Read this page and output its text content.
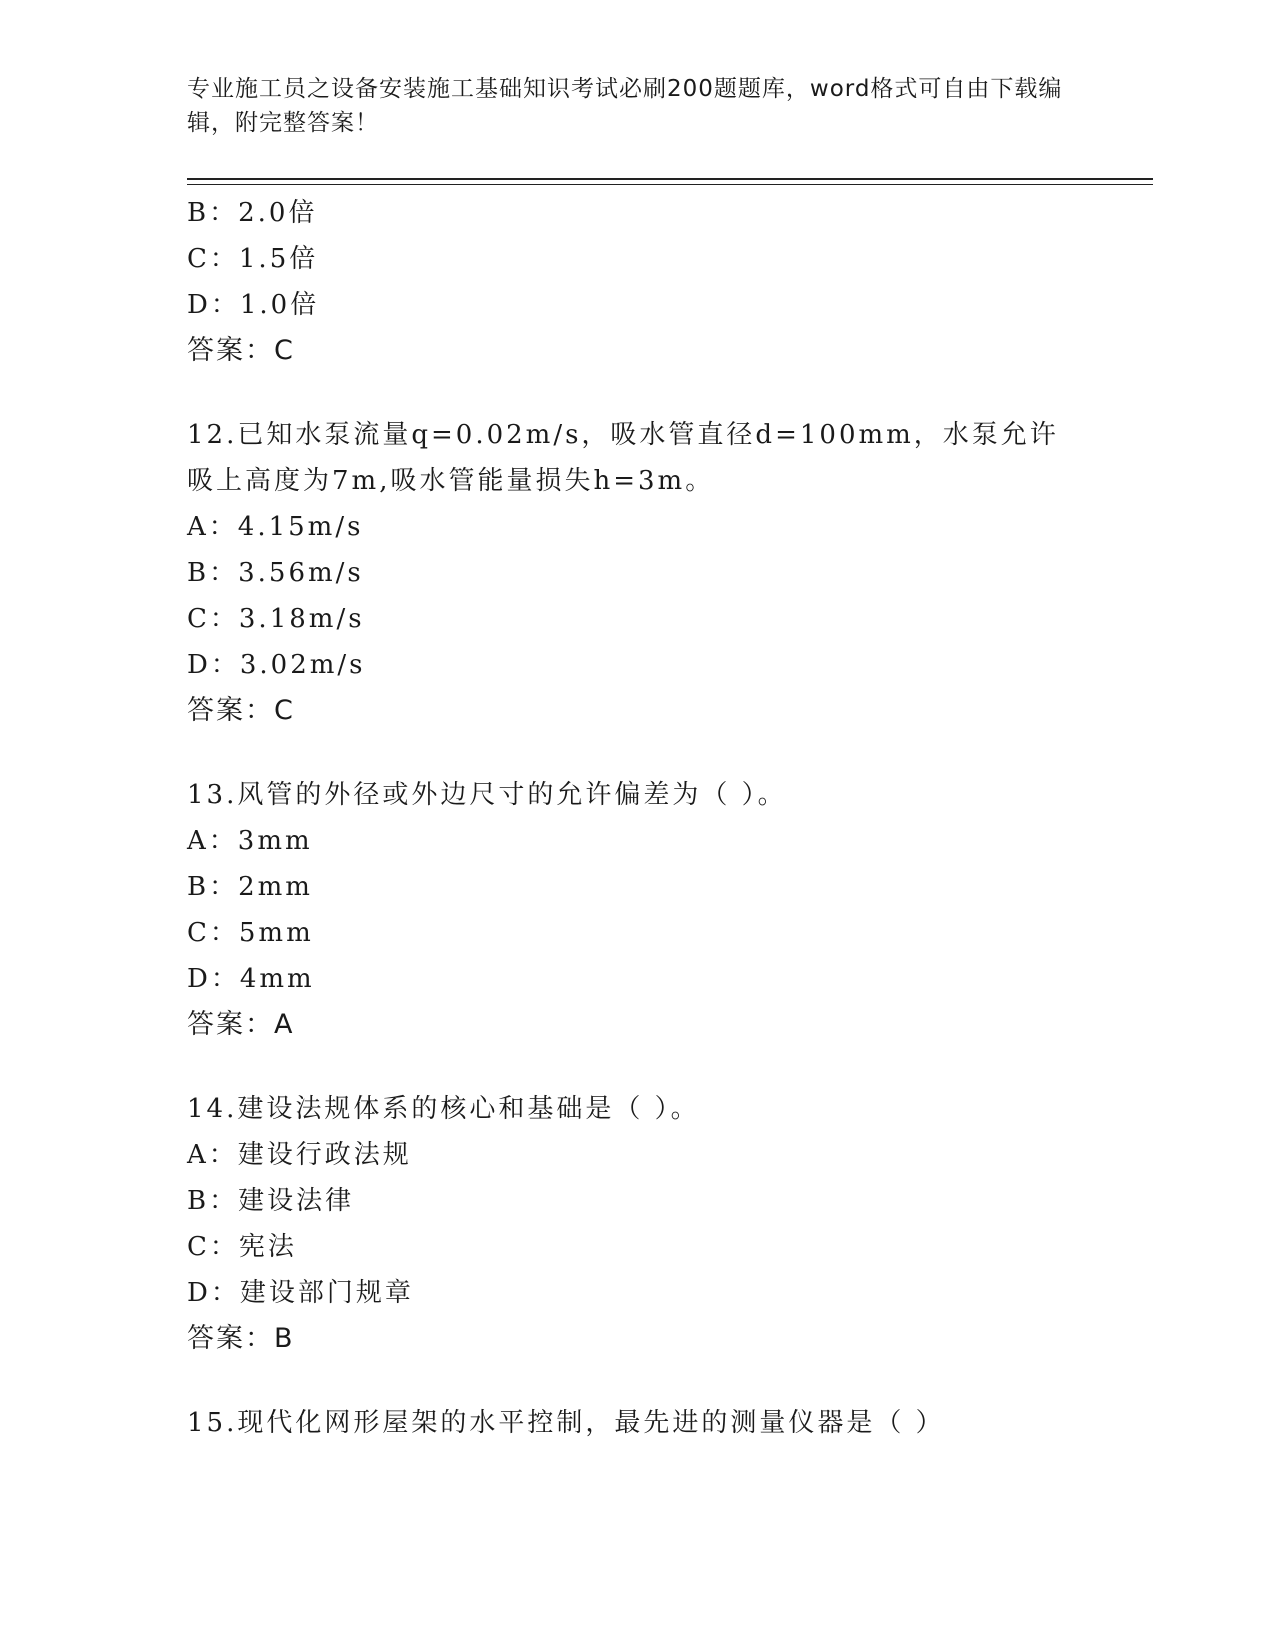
专业施工员之设备安装施工基础知识考试必刷200题题库，word格式可自由下载编辑，附完整答案！
B：2.0倍
C：1.5倍
D：1.0倍
答案：C
12.已知水泵流量q=0.02m/s，吸水管直径d=100mm，水泵允许吸上高度为7m,吸水管能量损失h=3m。
A：4.15m/s
B：3.56m/s
C：3.18m/s
D：3.02m/s
答案：C
13.风管的外径或外边尺寸的允许偏差为（ ）。
A：3mm
B：2mm
C：5mm
D：4mm
答案：A
14.建设法规体系的核心和基础是（ ）。
A：建设行政法规
B：建设法律
C：宪法
D：建设部门规章
答案：B
15.现代化网形屋架的水平控制，最先进的测量仪器是（ ）
